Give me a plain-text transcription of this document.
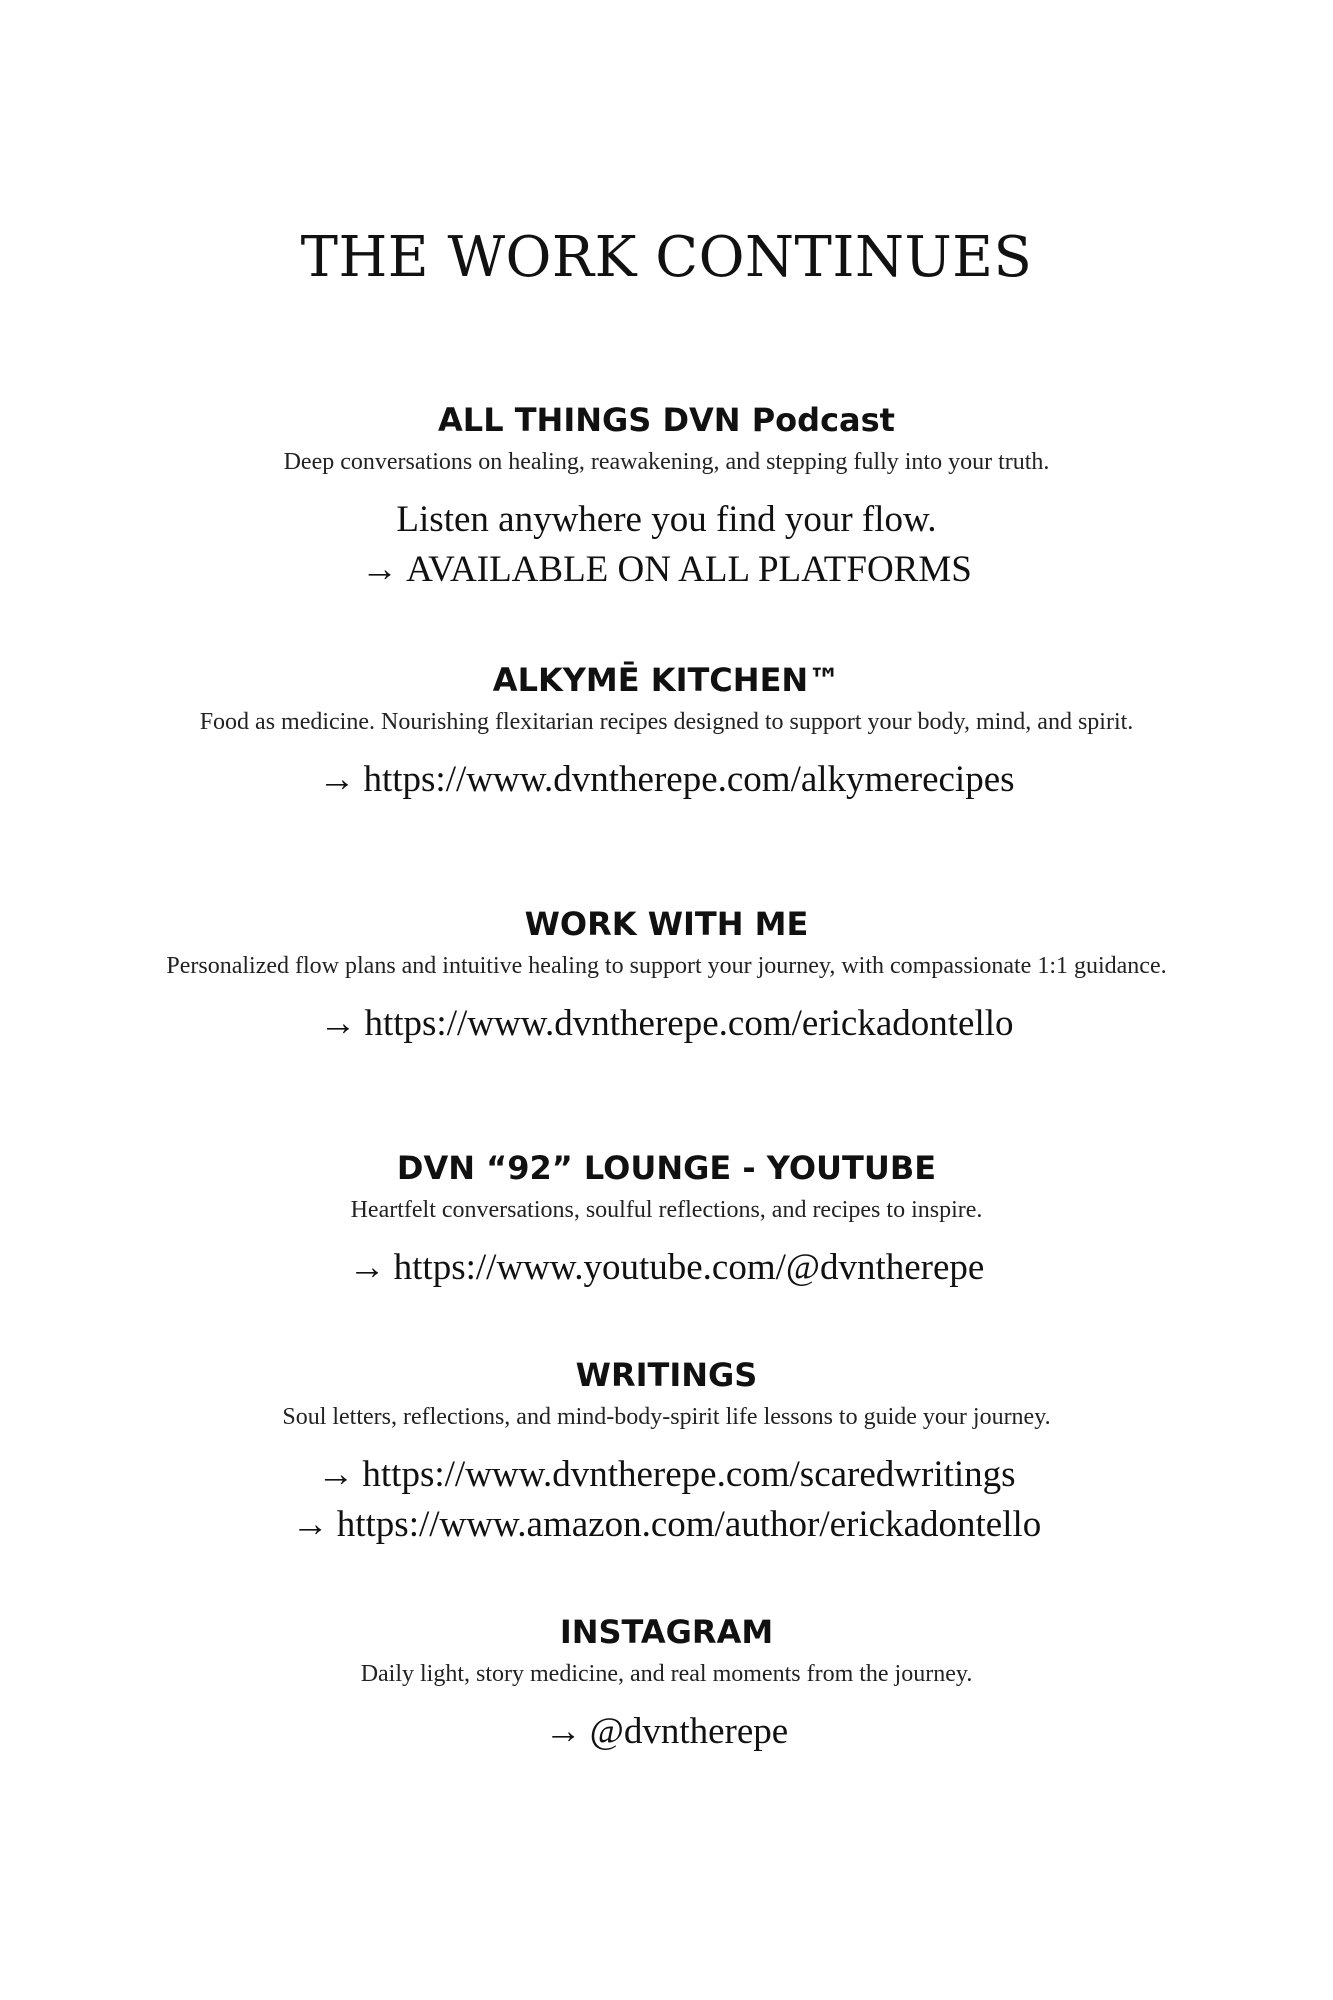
THE WORK CONTINUES
ALL THINGS DVN Podcast

Deep conversations on healing, reawakening, and stepping fully into your truth.

Listen anywhere you find your flow.

→ AVAILABLE ON ALL PLATFORMS

ALKYMĒ KITCHEN™

Food as medicine. Nourishing flexitarian recipes designed to support your body, mind, and spirit.

→ https://www.dvntherepe.com/alkymerecipes

WORK WITH ME

Personalized flow plans and intuitive healing to support your journey, with compassionate 1:1 guidance.

→ https://www.dvntherepe.com/erickadontello

DVN “92” LOUNGE - YOUTUBE

Heartfelt conversations, soulful reflections, and recipes to inspire.

→ https://www.youtube.com/@dvntherepe

WRITINGS

Soul letters, reflections, and mind-body-spirit life lessons to guide your journey.

→ https://www.dvntherepe.com/scaredwritings

→ https://www.amazon.com/author/erickadontello

INSTAGRAM

Daily light, story medicine, and real moments from the journey.

→ @dvntherepe
